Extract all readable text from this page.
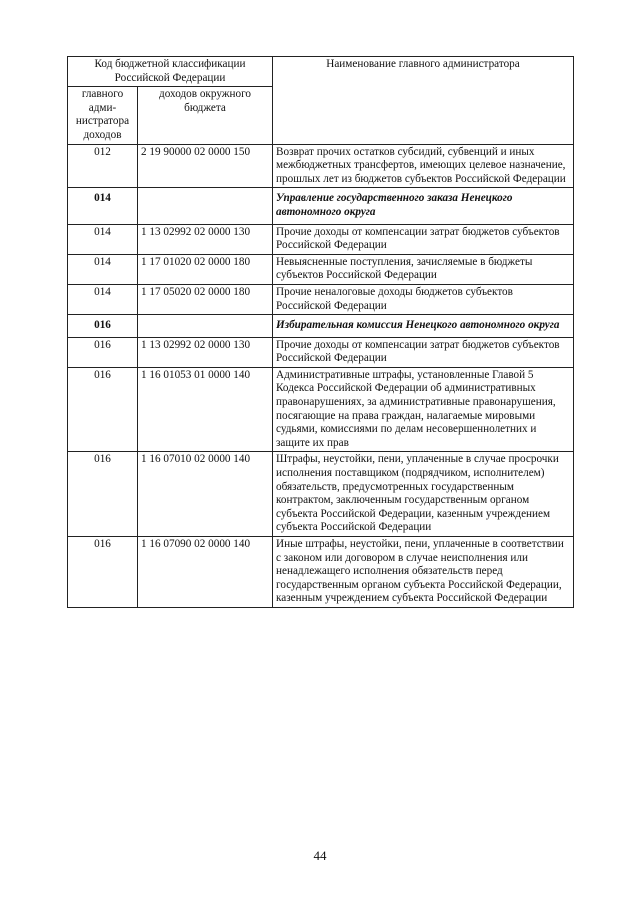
Код бюджетной классификации Российской Федерации		Наименование главного администратора
главного адми-нистратора доходов	доходов окружного бюджета	
012	2 19 90000 02 0000 150	Возврат прочих остатков субсидий, субвенций и иных межбюджетных трансфертов, имеющих целевое назначение, прошлых лет из бюджетов субъектов Российской Федерации
014		Управление государственного заказа Ненецкого автономного округа
014	1 13 02992 02 0000 130	Прочие доходы от компенсации затрат бюджетов субъектов Российской Федерации
014	1 17 01020 02 0000 180	Невыясненные поступления, зачисляемые в бюджеты субъектов Российской Федерации
014	1 17 05020 02 0000 180	Прочие неналоговые доходы бюджетов субъектов Российской Федерации
016		Избирательная комиссия Ненецкого автономного округа
016	1 13 02992 02 0000 130	Прочие доходы от компенсации затрат бюджетов субъектов Российской Федерации
016	1 16 01053 01 0000 140	Административные штрафы, установленные Главой 5 Кодекса Российской Федерации об административных правонарушениях, за административные правонарушения, посягающие на права граждан, налагаемые мировыми судьями, комиссиями по делам несовершеннолетних и защите их прав
016	1 16 07010 02 0000 140	Штрафы, неустойки, пени, уплаченные в случае просрочки исполнения поставщиком (подрядчиком, исполнителем) обязательств, предусмотренных государственным контрактом, заключенным государственным органом субъекта Российской Федерации, казенным учреждением субъекта Российской Федерации
016	1 16 07090 02 0000 140	Иные штрафы, неустойки, пени, уплаченные в соответствии с законом или договором в случае неисполнения или ненадлежащего исполнения обязательств перед государственным органом субъекта Российской Федерации, казенным учреждением субъекта Российской Федерации
44
